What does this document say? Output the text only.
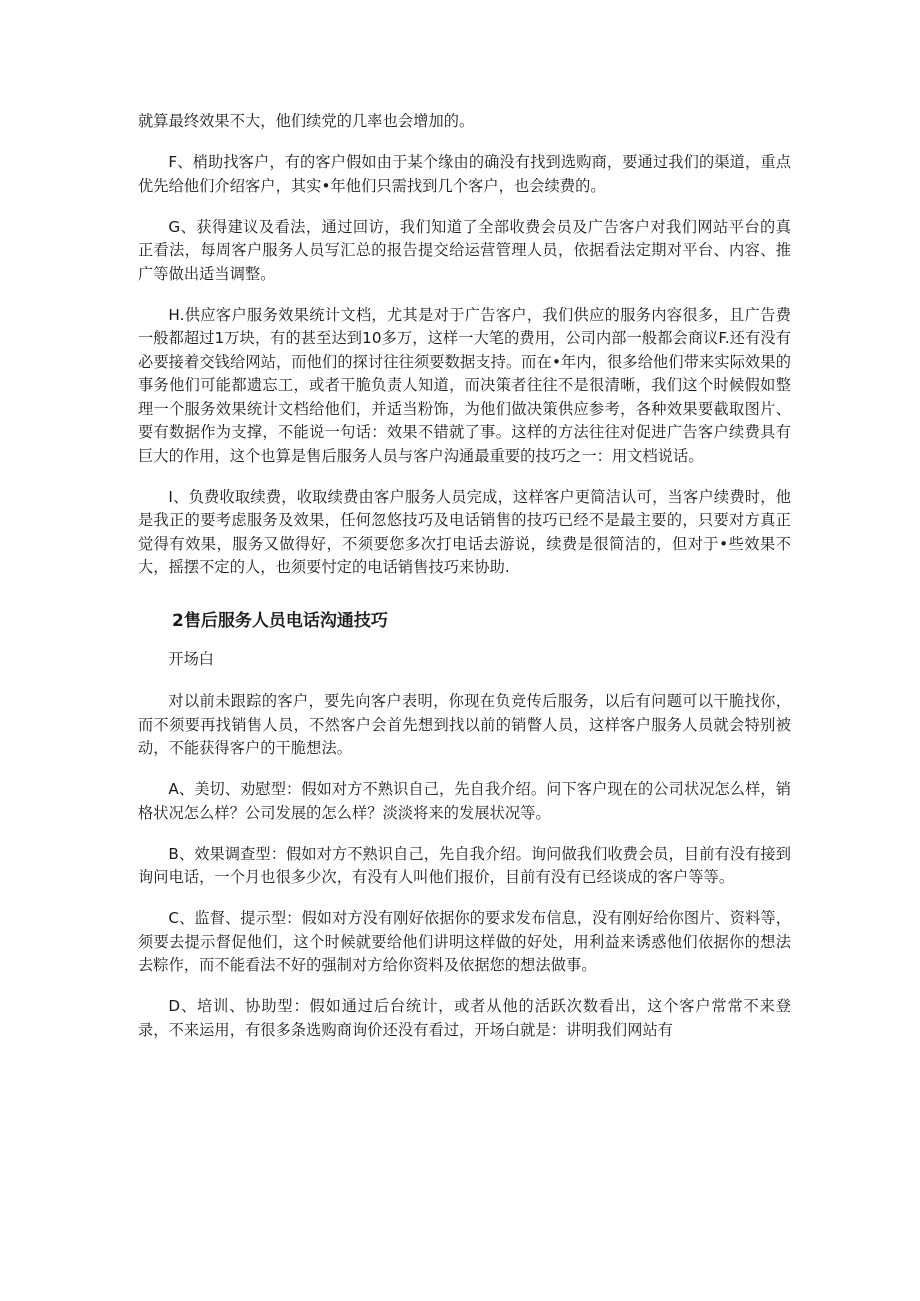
就算最终效果不大，他们续党的几率也会增加的。

F、梢助找客户，有的客户假如由于某个缘由的确没有找到选购商，要通过我们的渠道，重点优先给他们介绍客户，其实•年他们只需找到几个客户，也会续费的。

G、获得建议及看法，通过回访，我们知道了全部收费会员及广告客户对我们网站平台的真正看法，每周客户服务人员写汇总的报告提交给运营管理人员，依据看法定期对平台、内容、推广等做出适当调整。

H.供应客户服务效果统计文档，尤其是对于广告客户，我们供应的服务内容很多，且广告费一般都超过1万块，有的甚至达到10多万，这样一大笔的费用，公司内部一般都会商议F.还有没有必要接着交钱给网站，而他们的探讨往往须要数据支持。而在•年内，很多给他们带来实际效果的事务他们可能都遗忘工，或者干脆负责人知道，而决策者往往不是很清晰，我们这个时候假如整理一个服务效果统计文档给他们，并适当粉饰，为他们做决策供应参考，各种效果要截取图片、要有数据作为支撑，不能说一句话：效果不错就了事。这样的方法往往对促进广告客户续费具有巨大的作用，这个也算是售后服务人员与客户沟通最重要的技巧之一：用文档说话。

I、负费收取续费，收取续费由客户服务人员完成，这样客户更简洁认可，当客户续费时，他是我正的要考虑服务及效果，任何忽悠技巧及电话销售的技巧已经不是最主要的，只要对方真正觉得有效果，服务又做得好，不须要您多次打电话去游说，续费是很简洁的，但对于•些效果不大，摇摆不定的人，也须要忖定的电话销售技巧来协助.

2售后服务人员电话沟通技巧

开场白

对以前未跟踪的客户，要先向客户表明，你现在负竞传后服务，以后有问题可以干脆找你，而不须要再找销售人员，不然客户会首先想到找以前的销瞥人员，这样客户服务人员就会特别被动，不能获得客户的干脆想法。

A、美切、劝慰型：假如对方不熟识自己，先自我介绍。问下客户现在的公司状况怎么样，销格状况怎么样？公司发展的怎么样？淡淡将来的发展状况等。

B、效果调查型：假如对方不熟识自己，先自我介绍。询问做我们收费会员，目前有没有接到询问电话，一个月也很多少次，有没有人叫他们报价，目前有没有已经谈成的客户等等。

C、监督、提示型：假如对方没有刚好依据你的要求发布信息，没有刚好给你图片、资料等，须要去提示督促他们，这个时候就要给他们讲明这样做的好处，用利益来诱惑他们依据你的想法去粽作，而不能看法不好的强制对方给你资料及依据您的想法做事。

D、培训、协助型：假如通过后台统计，或者从他的活跃次数看出，这个客户常常不来登录，不来运用，有很多条选购商询价还没有看过，开场白就是：讲明我们网站有
